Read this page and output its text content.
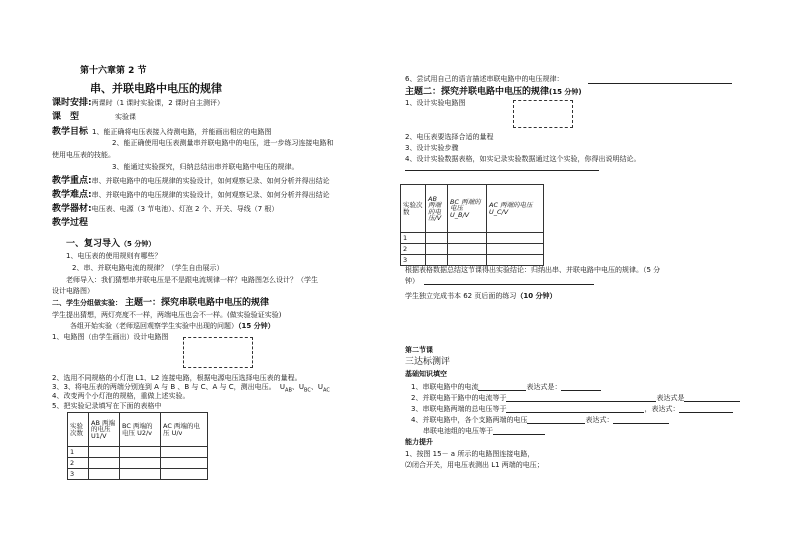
第十六章第 2 节
串、并联电路中电压的规律
课时安排:两课时（1 课时实验课，2 课时自主测评）
课　型	实验课
教学目标 1、能正确将电压表接入待测电路，并能画出相应的电路图
2、能正确使用电压表测量串并联电路中的电压，进一步练习连接电路和
使用电压表的技能。
3、能通过实验探究，归纳总结出串并联电路中电压的规律。
教学重点:串、并联电路中的电压规律的实验设计，如何观察记录、如何分析并得出结论
教学难点:串、并联电路中的电压规律的实验设计，如何观察记录、如何分析并得出结论
教学器材:电压表、电源（3 节电池）、灯泡 2 个、开关、导线（7 根）
教学过程
一、复习导入（5 分钟）
1、电压表的使用规则有哪些？
2、串、并联电路电流的规律？（学生自由展示）
老师导入：我们猜想串并联电压是不是跟电流规律一样？电路图怎么设计？（学生
设计电路图）
二、学生分组做实验： 主题一：探究串联电路中电压的规律
学生提出猜想，两灯亮度不一样，两端电压也会不一样。(做实验验证实验)
各组开始实验（老师巡回观察学生实验中出现的问题）（15 分钟）
1、电路图（由学生画出）设计电路图
2、选用不同规格的小灯泡 L1、L2 连接电路，根据电源电压选择电压表的量程。
3、3、将电压表的两端分别连到 A 与 B 、B 与 C、A 与 C，测出电压。 $U_{AB}$、$U_{BC}$、$U_{AC}$
4、改变两个小灯泡的规格，重做上述实验。
5、把实验记录填写在下面的表格中
实验次数	AB 两端的电压 U1/V	BC 两端的电压 U2/v	AC 两端的电压 U/v
1			
2			
3			
6、尝试用自己的语言描述串联电路中的电压规律：
主题二：探究并联电路中电压的规律(15 分钟)
1、设计实验电路图
2、电压表要选择合适的量程
3、设计实验步骤
4、设计实验数据表格，如实记录实验数据通过这个实验，你得出说明结论。
实验次数	AB 两端的电 压/V	BC 两端的 电压 U_B/V	AC 两端的电压 U_C/V
1			
2			
3			
根据表格数据总结这节课得出实验结论：归纳出串、并联电路中电压的规律。（5 分
钟）
学生独立完成书本 62 页后面的练习（10 分钟）
第二节课
三达标测评
基础知识填空
1、串联电路中的电流	表达式是：
2、并联电路干路中的电流等于	表达式是
3、串联电路两端的总电压等于	，表达式：
4、并联电路中，各个支路两端的电压	表达式：
串联电池组的电压等于
能力提升
1、按图 15－ a 所示的电路图连接电路，
⑵闭合开关，用电压表测出 L1 两端的电压；
